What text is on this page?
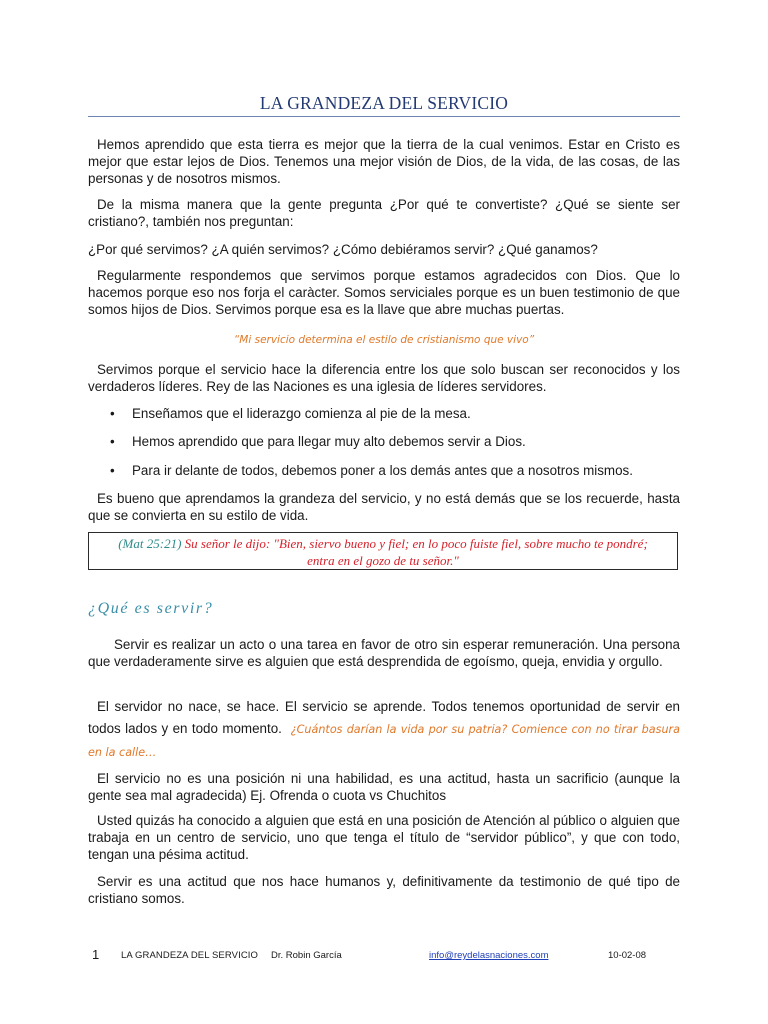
LA GRANDEZA DEL SERVICIO

Hemos aprendido que esta tierra es mejor que la tierra de la cual venimos. Estar en Cristo es mejor que estar lejos de Dios. Tenemos una mejor visión de Dios, de la vida, de las cosas, de las personas y de nosotros mismos.

De la misma manera que la gente pregunta ¿Por qué te convertiste? ¿Qué se siente ser cristiano?, también nos preguntan:

¿Por qué servimos? ¿A quién servimos? ¿Cómo debiéramos servir? ¿Qué ganamos?

Regularmente respondemos que servimos porque estamos agradecidos con Dios. Que lo hacemos porque eso nos forja el caràcter. Somos serviciales porque es un buen testimonio de que somos hijos de Dios. Servimos porque esa es la llave que abre muchas puertas.

“Mi servicio determina el estilo de cristianismo que vivo”

Servimos porque el servicio hace la diferencia entre los que solo buscan ser reconocidos y los verdaderos líderes. Rey de las Naciones es una iglesia de líderes servidores.

• Enseñamos que el liderazgo comienza al pie de la mesa.
• Hemos aprendido que para llegar muy alto debemos servir a Dios.
• Para ir delante de todos, debemos poner a los demás antes que a nosotros mismos.

Es bueno que aprendamos la grandeza del servicio, y no está demás que se los recuerde, hasta que se convierta en su estilo de vida.

(Mat 25:21) Su señor le dijo: "Bien, siervo bueno y fiel; en lo poco fuiste fiel, sobre mucho te pondré;
entra en el gozo de tu señor."
¿Qué es servir?

Servir es realizar un acto o una tarea en favor de otro sin esperar remuneración. Una persona que verdaderamente sirve es alguien que está desprendida de egoísmo, queja, envidia y orgullo.

El servidor no nace, se hace. El servicio se aprende. Todos tenemos oportunidad de servir en todos lados y en todo momento. ¿Cuántos darían la vida por su patria? Comience con no tirar basura en la calle…

El servicio no es una posición ni una habilidad, es una actitud, hasta un sacrificio (aunque la gente sea mal agradecida) Ej. Ofrenda o cuota vs Chuchitos

Usted quizás ha conocido a alguien que está en una posición de Atención al público o alguien que trabaja en un centro de servicio, uno que tenga el título de “servidor público”, y que con todo, tengan una pésima actitud.

Servir es una actitud que nos hace humanos y, definitivamente da testimonio de qué tipo de cristiano somos.

1 LA GRANDEZA DEL SERVICIO Dr. Robin García	info@reydelasnaciones.com	10-02-08
